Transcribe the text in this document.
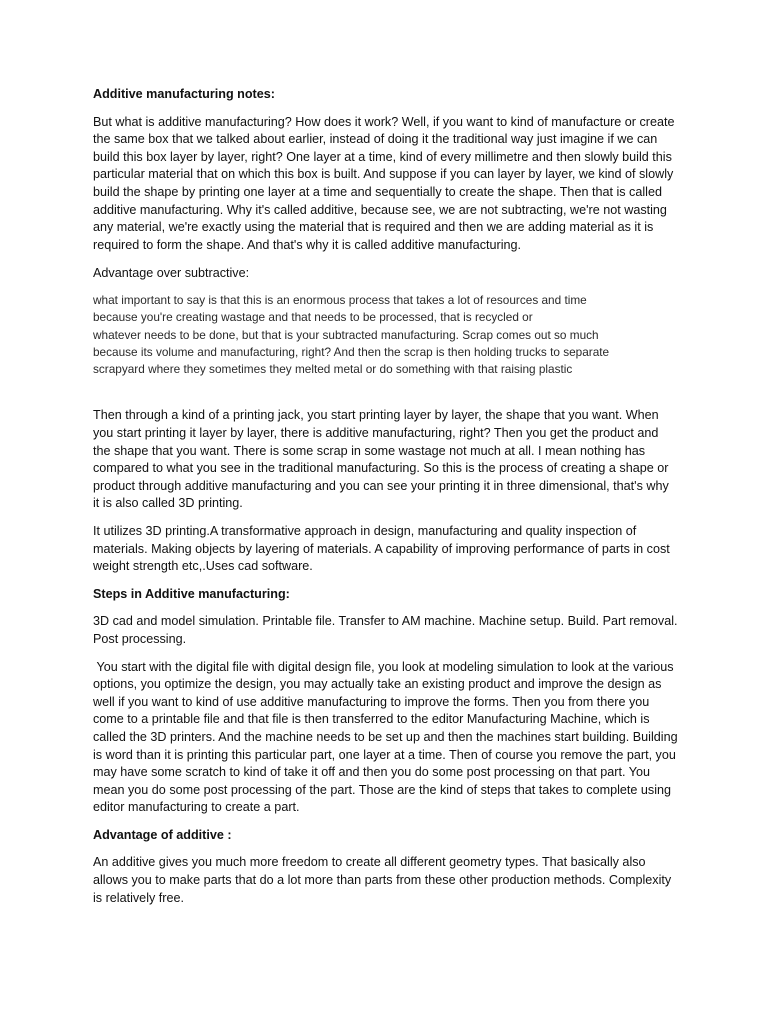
Additive manufacturing notes:

But what is additive manufacturing? How does it work? Well, if you want to kind of manufacture or create the same box that we talked about earlier, instead of doing it the traditional way just imagine if we can build this box layer by layer, right? One layer at a time, kind of every millimetre and then slowly build this particular material that on which this box is built. And suppose if you can layer by layer, we kind of slowly build the shape by printing one layer at a time and sequentially to create the shape. Then that is called additive manufacturing. Why it's called additive, because see, we are not subtracting, we're not wasting any material, we're exactly using the material that is required and then we are adding material as it is required to form the shape. And that's why it is called additive manufacturing.

Advantage over subtractive:

what important to say is that this is an enormous process that takes a lot of resources and time
because you're creating wastage and that needs to be processed, that is recycled or
whatever needs to be done, but that is your subtracted manufacturing. Scrap comes out so much
because its volume and manufacturing, right? And then the scrap is then holding trucks to separate
scrapyard where they sometimes they melted metal or do something with that raising plastic

Then through a kind of a printing jack, you start printing layer by layer, the shape that you want. When you start printing it layer by layer, there is additive manufacturing, right? Then you get the product and the shape that you want. There is some scrap in some wastage not much at all. I mean nothing has compared to what you see in the traditional manufacturing. So this is the process of creating a shape or product through additive manufacturing and you can see your printing it in three dimensional, that's why it is also called 3D printing.

It utilizes 3D printing.A transformative approach in design, manufacturing and quality inspection of materials. Making objects by layering of materials. A capability of improving performance of parts in cost weight strength etc,.Uses cad software.

Steps in Additive manufacturing:

3D cad and model simulation. Printable file. Transfer to AM machine. Machine setup. Build. Part removal. Post processing.

You start with the digital file with digital design file, you look at modeling simulation to look at the various options, you optimize the design, you may actually take an existing product and improve the design as well if you want to kind of use additive manufacturing to improve the forms. Then you from there you come to a printable file and that file is then transferred to the editor Manufacturing Machine, which is called the 3D printers. And the machine needs to be set up and then the machines start building. Building is word than it is printing this particular part, one layer at a time. Then of course you remove the part, you may have some scratch to kind of take it off and then you do some post processing on that part. You mean you do some post processing of the part. Those are the kind of steps that takes to complete using editor manufacturing to create a part.

Advantage of additive :

An additive gives you much more freedom to create all different geometry types. That basically also allows you to make parts that do a lot more than parts from these other production methods. Complexity is relatively free.
